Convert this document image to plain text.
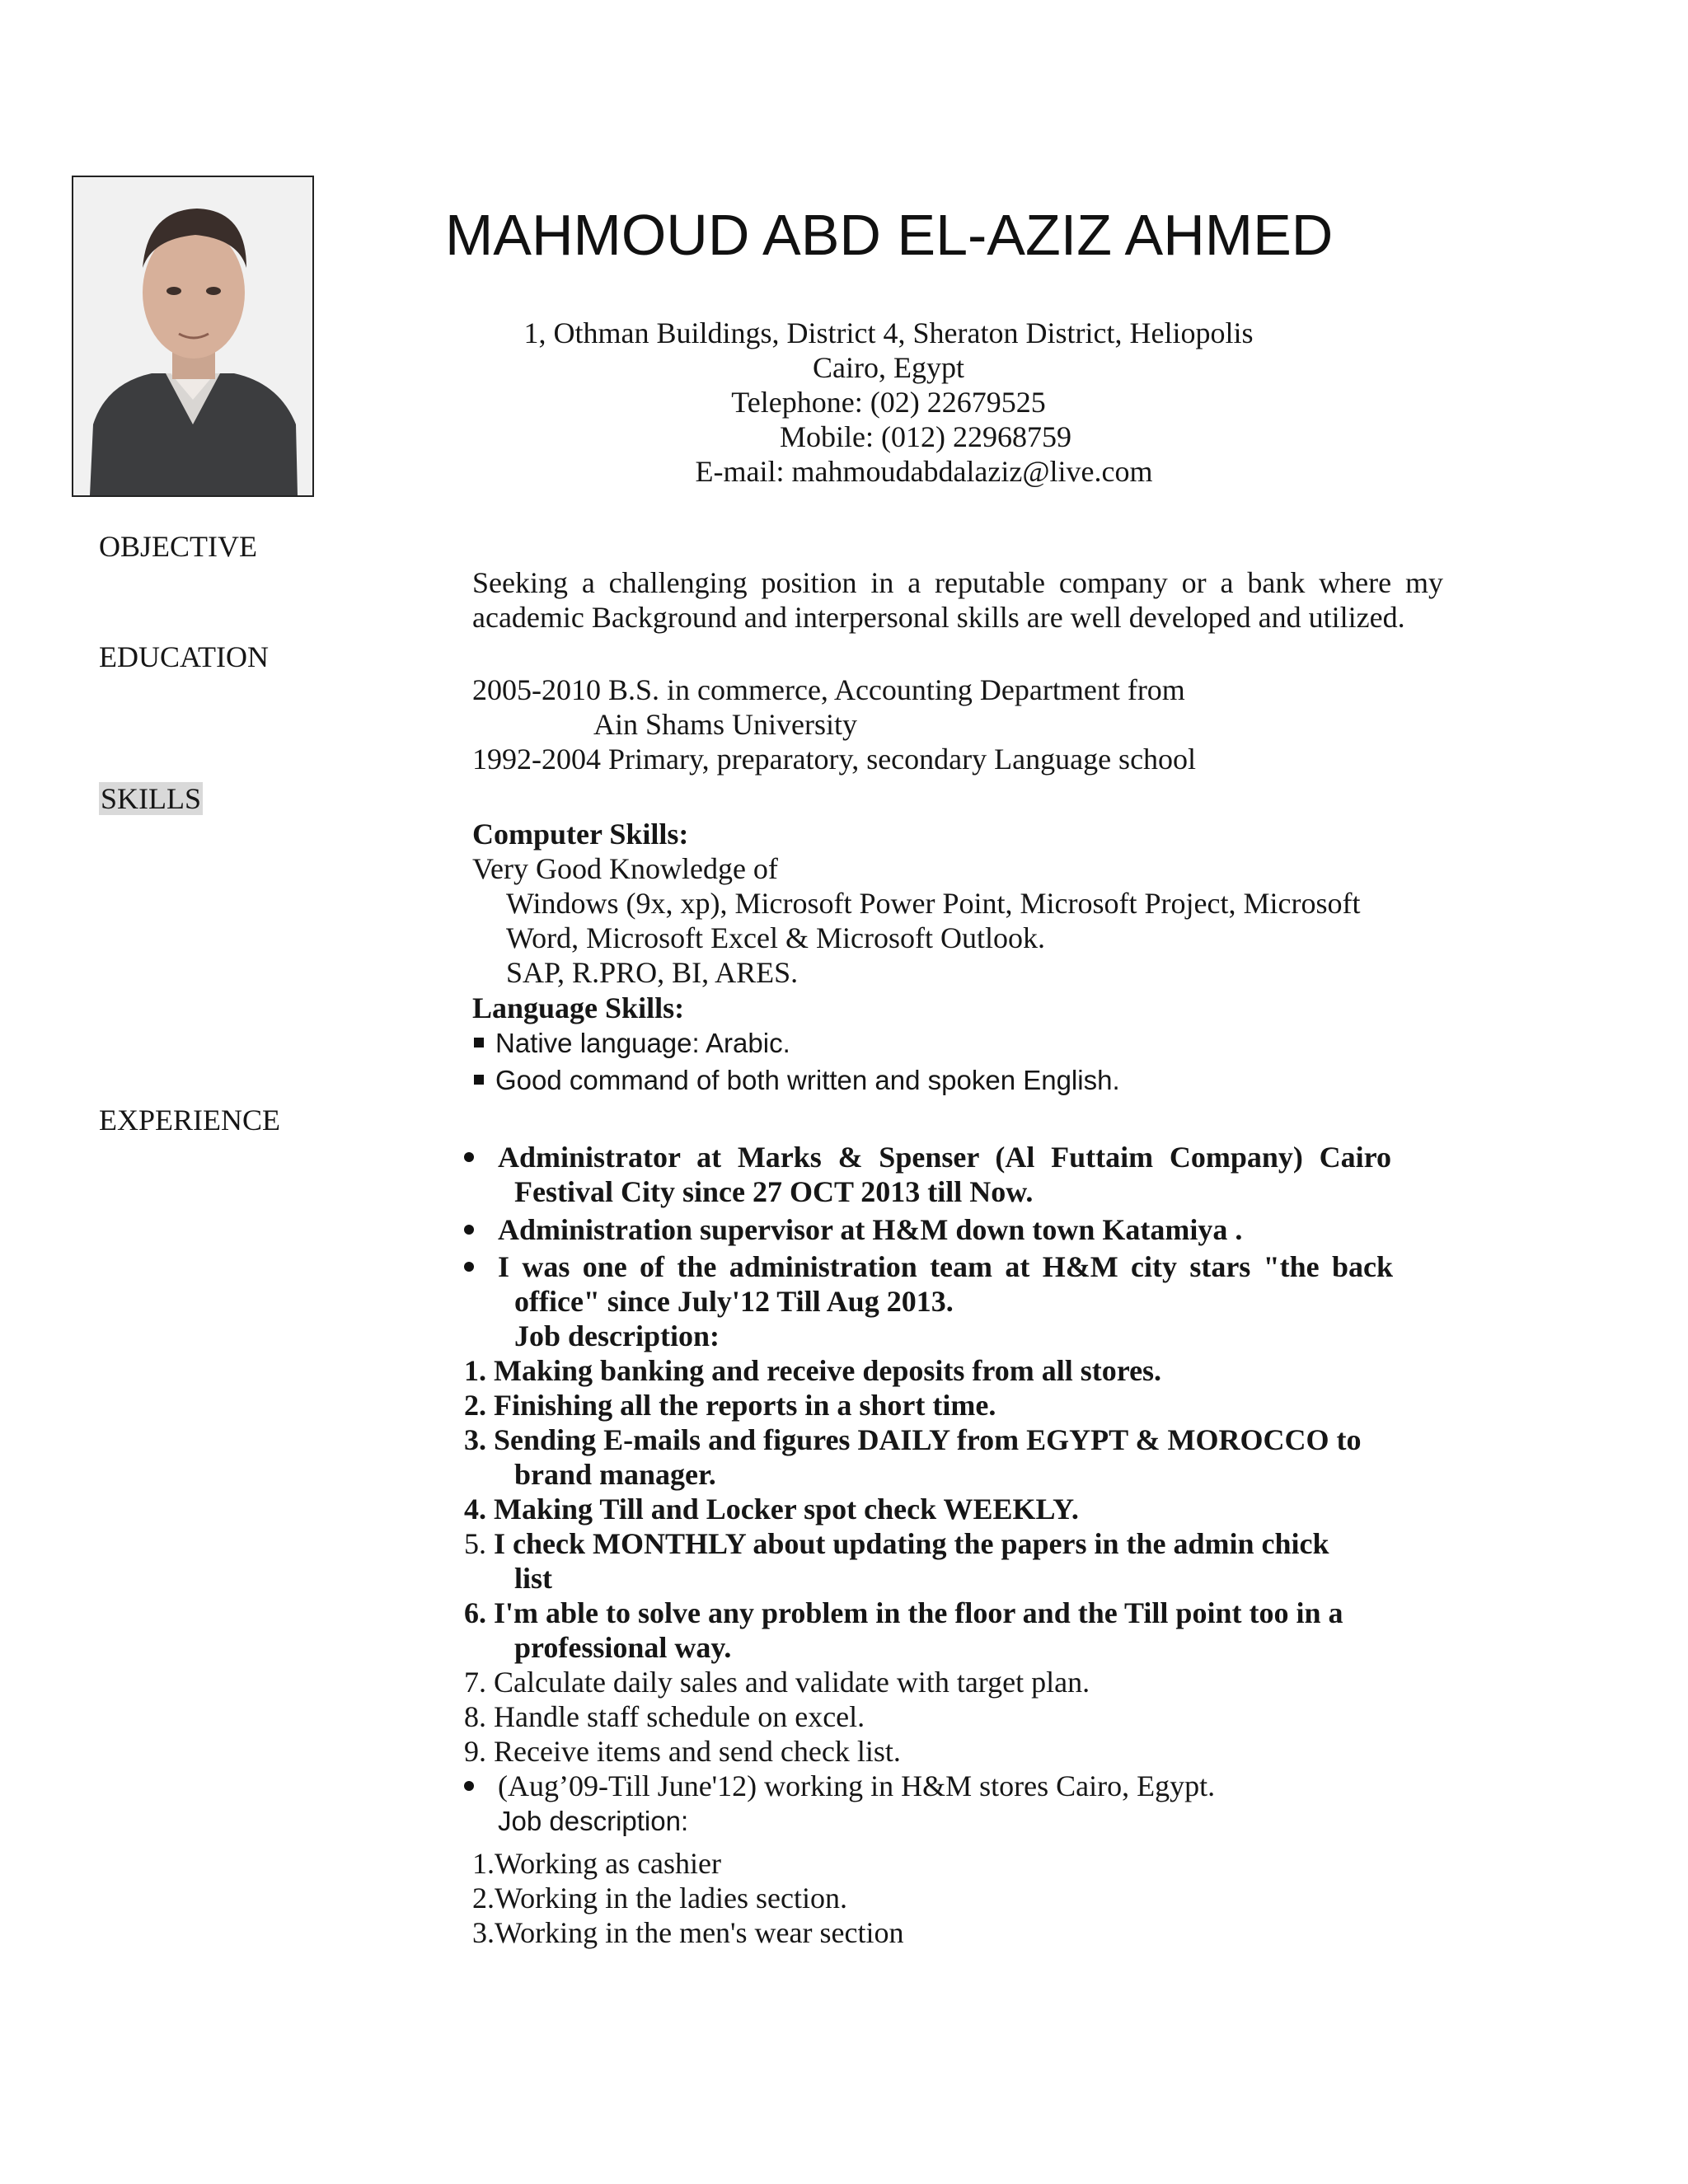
MAHMOUD ABD EL-AZIZ AHMED
1, Othman Buildings, District 4, Sheraton District, Heliopolis
Cairo, Egypt
Telephone: (02) 22679525
Mobile: (012) 22968759
E-mail: mahmoudabdalaziz@live.com
OBJECTIVE
EDUCATION
SKILLS
EXPERIENCE
Seeking a challenging position in a reputable company or a bank where my
academic Background and interpersonal skills are well developed and utilized.
2005-2010 B.S. in commerce, Accounting Department from
Ain Shams University
1992-2004 Primary, preparatory, secondary Language school
Computer Skills:
Very Good Knowledge of
Windows (9x, xp), Microsoft Power Point, Microsoft Project, Microsoft
Word, Microsoft Excel & Microsoft Outlook.
SAP, R.PRO, BI, ARES.
Language Skills:
Native language: Arabic.
Good command of both written and spoken English.
Administrator at Marks & Spenser (Al Futtaim Company) Cairo
Festival City since 27 OCT 2013 till Now.
Administration supervisor at H&M down town Katamiya .
I was one of the administration team at H&M city stars "the back
office" since July'12 Till Aug 2013.
Job description:
1. Making banking and receive deposits from all stores.
2. Finishing all the reports in a short time.
3. Sending E-mails and figures DAILY from EGYPT & MOROCCO to
brand manager.
4. Making Till and Locker spot check WEEKLY.
5. I check MONTHLY about updating the papers in the admin chick
list
6. I'm able to solve any problem in the floor and the Till point too in a
professional way.
7. Calculate daily sales and validate with target plan.
8. Handle staff schedule on excel.
9. Receive items and send check list.
(Aug’09-Till June'12) working in H&M stores Cairo, Egypt.
Job description:
1.Working as cashier
2.Working in the ladies section.
3.Working in the men's wear section
